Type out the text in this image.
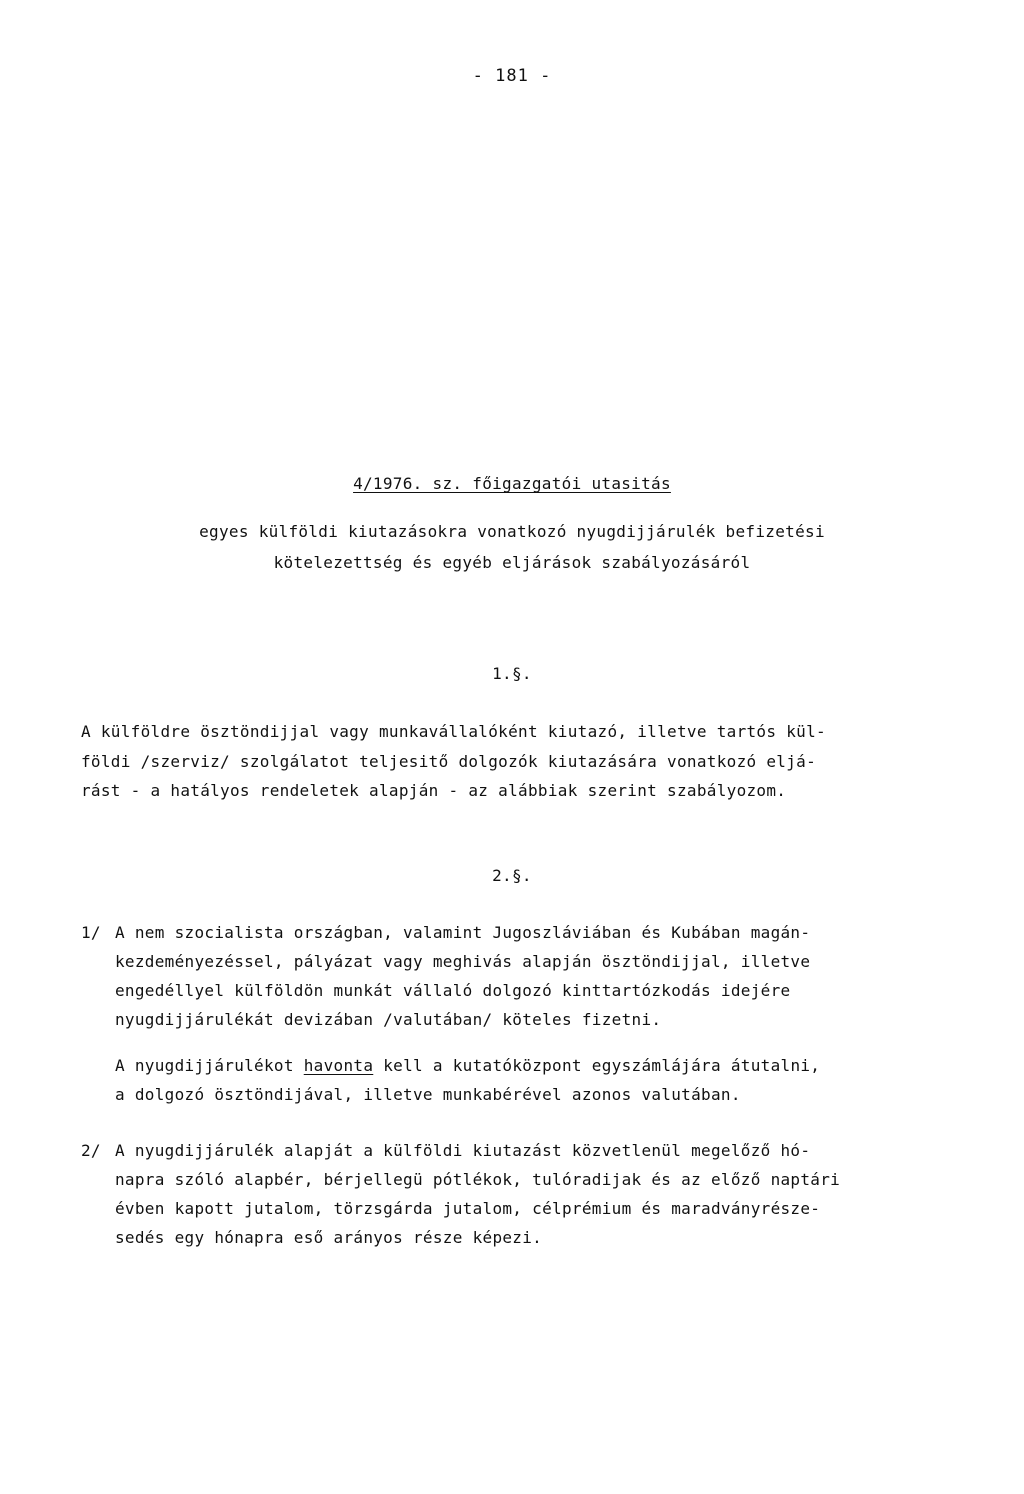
- 181 -
4/1976. sz. főigazgatói utasitás
egyes külföldi kiutazásokra vonatkozó nyugdijjárulék befizetési
kötelezettség és egyéb eljárások szabályozásáról
1.§.
A külföldre ösztöndijjal vagy munkavállalóként kiutazó, illetve tartós kül-
földi /szerviz/ szolgálatot teljesitő dolgozók kiutazására vonatkozó eljá-
rást - a hatályos rendeletek alapján - az alábbiak szerint szabályozom.
2.§.
1/ A nem szocialista országban, valamint Jugoszláviában és Kubában magán-
kezdeményezéssel, pályázat vagy meghivás alapján ösztöndijjal, illetve
engedéllyel külföldön munkát vállaló dolgozó kinttartózkodás idejére
nyugdijjárulékát devizában /valutában/ köteles fizetni.
A nyugdijjárulékot havonta kell a kutatóközpont egyszámlájára átutalni,
a dolgozó ösztöndijával, illetve munkabérével azonos valutában.
2/ A nyugdijjárulék alapját a külföldi kiutazást közvetlenül megelőző hó-
napra szóló alapbér, bérjellegü pótlékok, tulóradijak és az előző naptári
évben kapott jutalom, törzsgárda jutalom, célprémium és maradványrésze-
sedés egy hónapra eső arányos része képezi.
